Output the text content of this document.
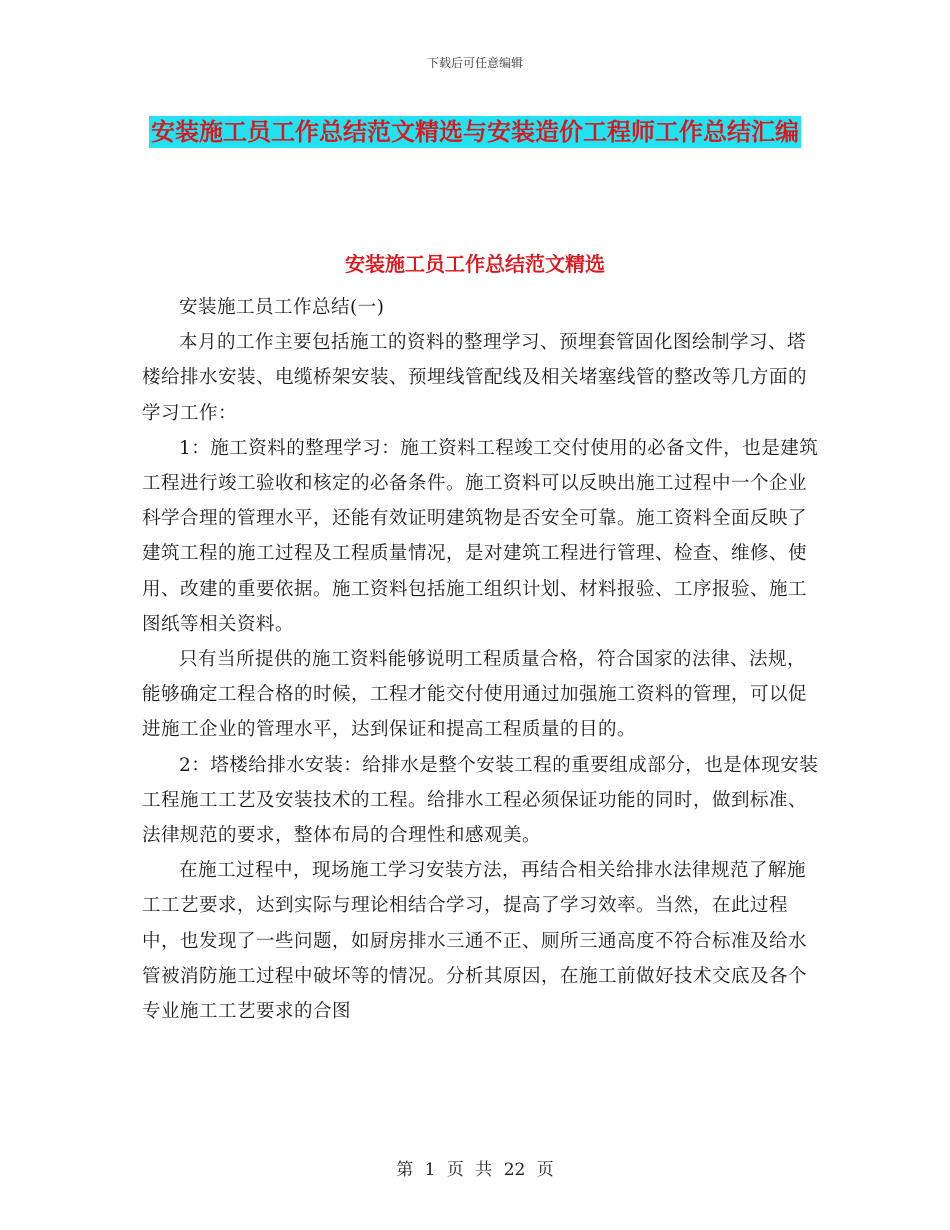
下载后可任意编辑
安装施工员工作总结范文精选与安装造价工程师工作总结汇编
安装施工员工作总结范文精选

安装施工员工作总结(一)

本月的工作主要包括施工的资料的整理学习、预埋套管固化图绘制学习、塔楼给排水安装、电缆桥架安装、预埋线管配线及相关堵塞线管的整改等几方面的学习工作：

1：施工资料的整理学习：施工资料工程竣工交付使用的必备文件，也是建筑工程进行竣工验收和核定的必备条件。施工资料可以反映出施工过程中一个企业科学合理的管理水平，还能有效证明建筑物是否安全可靠。施工资料全面反映了建筑工程的施工过程及工程质量情况，是对建筑工程进行管理、检查、维修、使用、改建的重要依据。施工资料包括施工组织计划、材料报验、工序报验、施工图纸等相关资料。

只有当所提供的施工资料能够说明工程质量合格，符合国家的法律、法规，能够确定工程合格的时候，工程才能交付使用通过加强施工资料的管理，可以促进施工企业的管理水平，达到保证和提高工程质量的目的。

2：塔楼给排水安装：给排水是整个安装工程的重要组成部分，也是体现安装工程施工工艺及安装技术的工程。给排水工程必须保证功能的同时，做到标准、法律规范的要求，整体布局的合理性和感观美。

在施工过程中，现场施工学习安装方法，再结合相关给排水法律规范了解施工工艺要求，达到实际与理论相结合学习，提高了学习效率。当然，在此过程中，也发现了一些问题，如厨房排水三通不正、厕所三通高度不符合标准及给水管被消防施工过程中破坏等的情况。分析其原因，在施工前做好技术交底及各个专业施工工艺要求的合图

第 1 页 共 22 页
